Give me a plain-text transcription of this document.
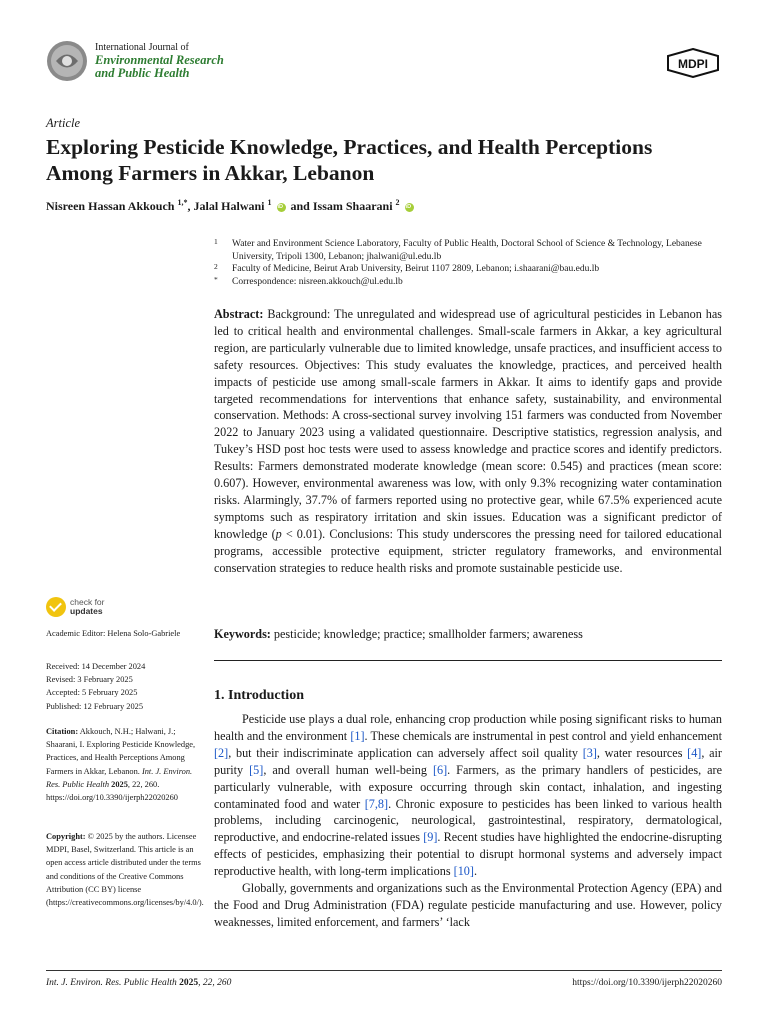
International Journal of
Environmental Research
and Public Health
MDPI
Article
Exploring Pesticide Knowledge, Practices, and Health Perceptions Among Farmers in Akkar, Lebanon
Nisreen Hassan Akkouch $^{1,*}$, Jalal Halwani $^1$ iD and Issam Shaarani $^2$ iD
1 Water and Environment Science Laboratory, Faculty of Public Health, Doctoral School of Science & Technology, Lebanese University, Tripoli 1300, Lebanon; jhalwani@ul.edu.lb
2 Faculty of Medicine, Beirut Arab University, Beirut 1107 2809, Lebanon; i.shaarani@bau.edu.lb
* Correspondence: nisreen.akkouch@ul.edu.lb
Abstract: Background: The unregulated and widespread use of agricultural pesticides in Lebanon has led to critical health and environmental challenges. Small-scale farmers in Akkar, a key agricultural region, are particularly vulnerable due to limited knowledge, unsafe practices, and insufficient access to safety resources. Objectives: This study evaluates the knowledge, practices, and perceived health impacts of pesticide use among small-scale farmers in Akkar. It aims to identify gaps and provide targeted recommendations for interventions that enhance safety, sustainability, and environmental conservation. Methods: A cross-sectional survey involving 151 farmers was conducted from November 2022 to January 2023 using a validated questionnaire. Descriptive statistics, regression analysis, and Tukey’s HSD post hoc tests were used to assess knowledge and practice scores and identify predictors. Results: Farmers demonstrated moderate knowledge (mean score: 0.545) and practices (mean score: 0.607). However, environmental awareness was low, with only 9.3% recognizing water contamination risks. Alarmingly, 37.7% of farmers reported using no protective gear, while 67.5% experienced acute symptoms such as respiratory irritation and skin issues. Education was a significant predictor of knowledge (p < 0.01). Conclusions: This study underscores the pressing need for tailored educational programs, accessible protective equipment, stricter regulatory frameworks, and environmental conservation strategies to reduce health risks and promote sustainable pesticide use.
Keywords: pesticide; knowledge; practice; smallholder farmers; awareness
1. Introduction

Pesticide use plays a dual role, enhancing crop production while posing significant risks to human health and the environment [1]. These chemicals are instrumental in pest control and yield enhancement [2], but their indiscriminate application can adversely affect soil quality [3], water resources [4], air purity [5], and overall human well-being [6]. Farmers, as the primary handlers of pesticides, are particularly vulnerable, with exposure occurring through skin contact, inhalation, and ingesting contaminated food and water [7,8]. Chronic exposure to pesticides has been linked to various health problems, including carcinogenic, neurological, gastrointestinal, respiratory, dermatological, reproductive, and endocrine-related issues [9]. Recent studies have highlighted the endocrine-disrupting effects of pesticides, emphasizing their potential to disrupt hormonal systems and adversely impact reproductive health, with long-term implications [10].

Globally, governments and organizations such as the Environmental Protection Agency (EPA) and the Food and Drug Administration (FDA) regulate pesticide manufacturing and use. However, policy weaknesses, limited enforcement, and farmers’ ‘lack

check for
updates
Academic Editor: Helena Solo-Gabriele
Received: 14 December 2024
Revised: 3 February 2025
Accepted: 5 February 2025
Published: 12 February 2025
Citation: Akkouch, N.H.; Halwani, J.; Shaarani, I. Exploring Pesticide Knowledge, Practices, and Health Perceptions Among Farmers in Akkar, Lebanon. Int. J. Environ. Res. Public Health 2025, 22, 260. https://doi.org/10.3390/ijerph22020260
Copyright: © 2025 by the authors. Licensee MDPI, Basel, Switzerland. This article is an open access article distributed under the terms and conditions of the Creative Commons Attribution (CC BY) license (https://creativecommons.org/licenses/by/4.0/).
Int. J. Environ. Res. Public Health 2025, 22, 260	https://doi.org/10.3390/ijerph22020260
